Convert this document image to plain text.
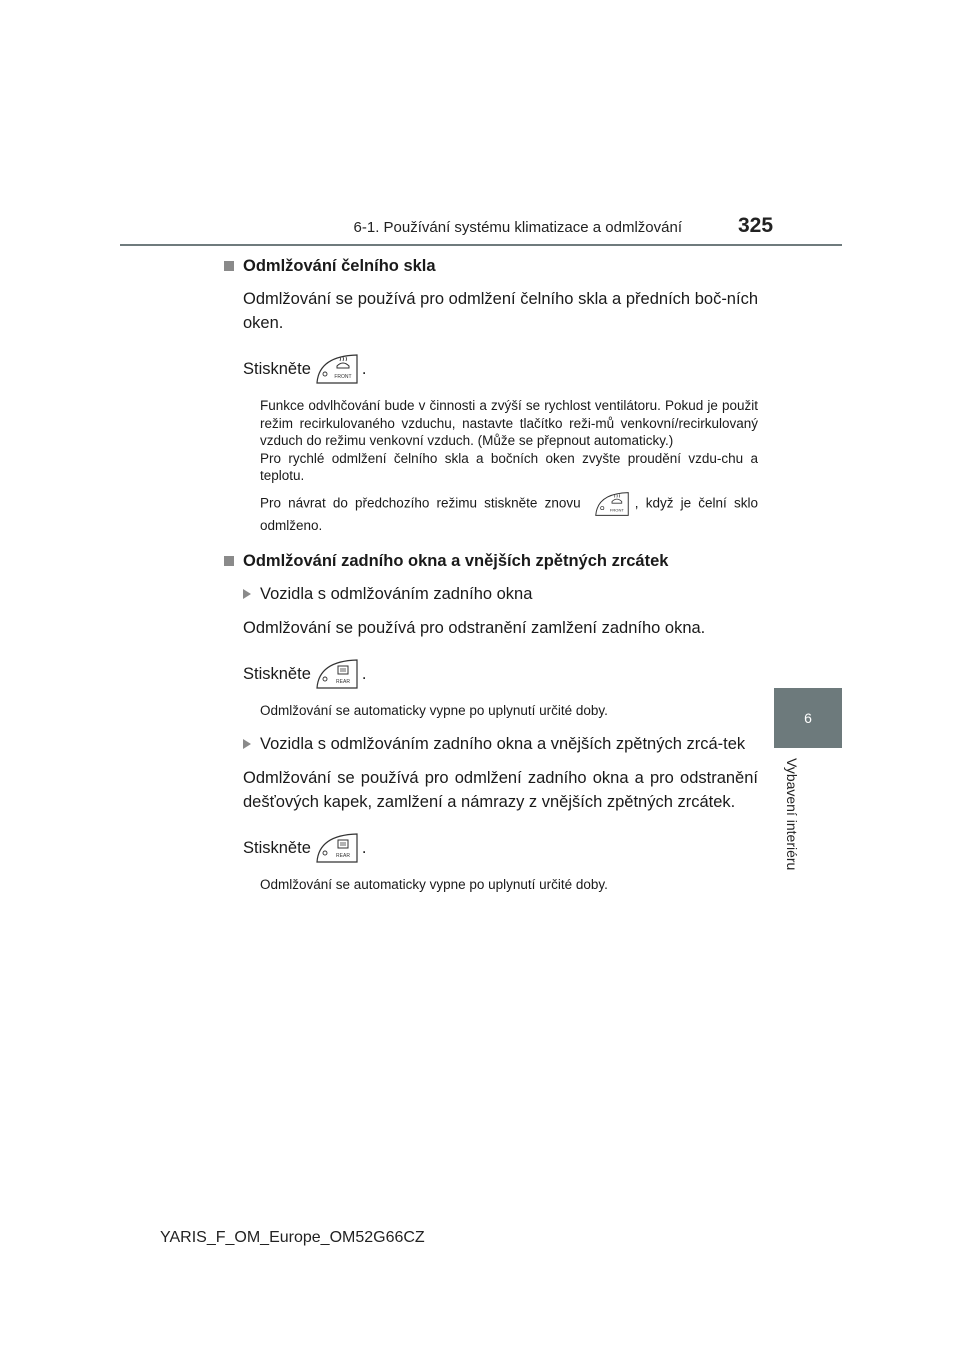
6-1. Používání systému klimatizace a odmlžování	325
6
Vybavení interiéru
Odmlžování čelního skla
Odmlžování se používá pro odmlžení čelního skla a předních boč-ních oken.
Stiskněte	FRONT .

Funkce odvlhčování bude v činnosti a zvýší se rychlost ventilátoru. Pokud je použit režim recirkulovaného vzduchu, nastavte tlačítko reži-mů venkovní/recirkulovaný vzduch do režimu venkovní vzduch. (Může se přepnout automaticky.)

Pro rychlé odmlžení čelního skla a bočních oken zvyšte proudění vzdu-chu a teplotu.

Pro návrat do předchozího režimu stiskněte znovu	FRONT , když je čelní sklo odmlženo.

Odmlžování zadního okna a vnějších zpětných zrcátek
Vozidla s odmlžováním zadního okna
Odmlžování se používá pro odstranění zamlžení zadního okna.
Stiskněte	REAR .

Odmlžování se automaticky vypne po uplynutí určité doby.

Vozidla s odmlžováním zadního okna a vnějších zpětných zrcá-tek
Odmlžování se používá pro odmlžení zadního okna a pro odstranění dešťových kapek, zamlžení a námrazy z vnějších zpětných zrcátek.
Stiskněte	REAR .

Odmlžování se automaticky vypne po uplynutí určité doby.

YARIS_F_OM_Europe_OM52G66CZ
